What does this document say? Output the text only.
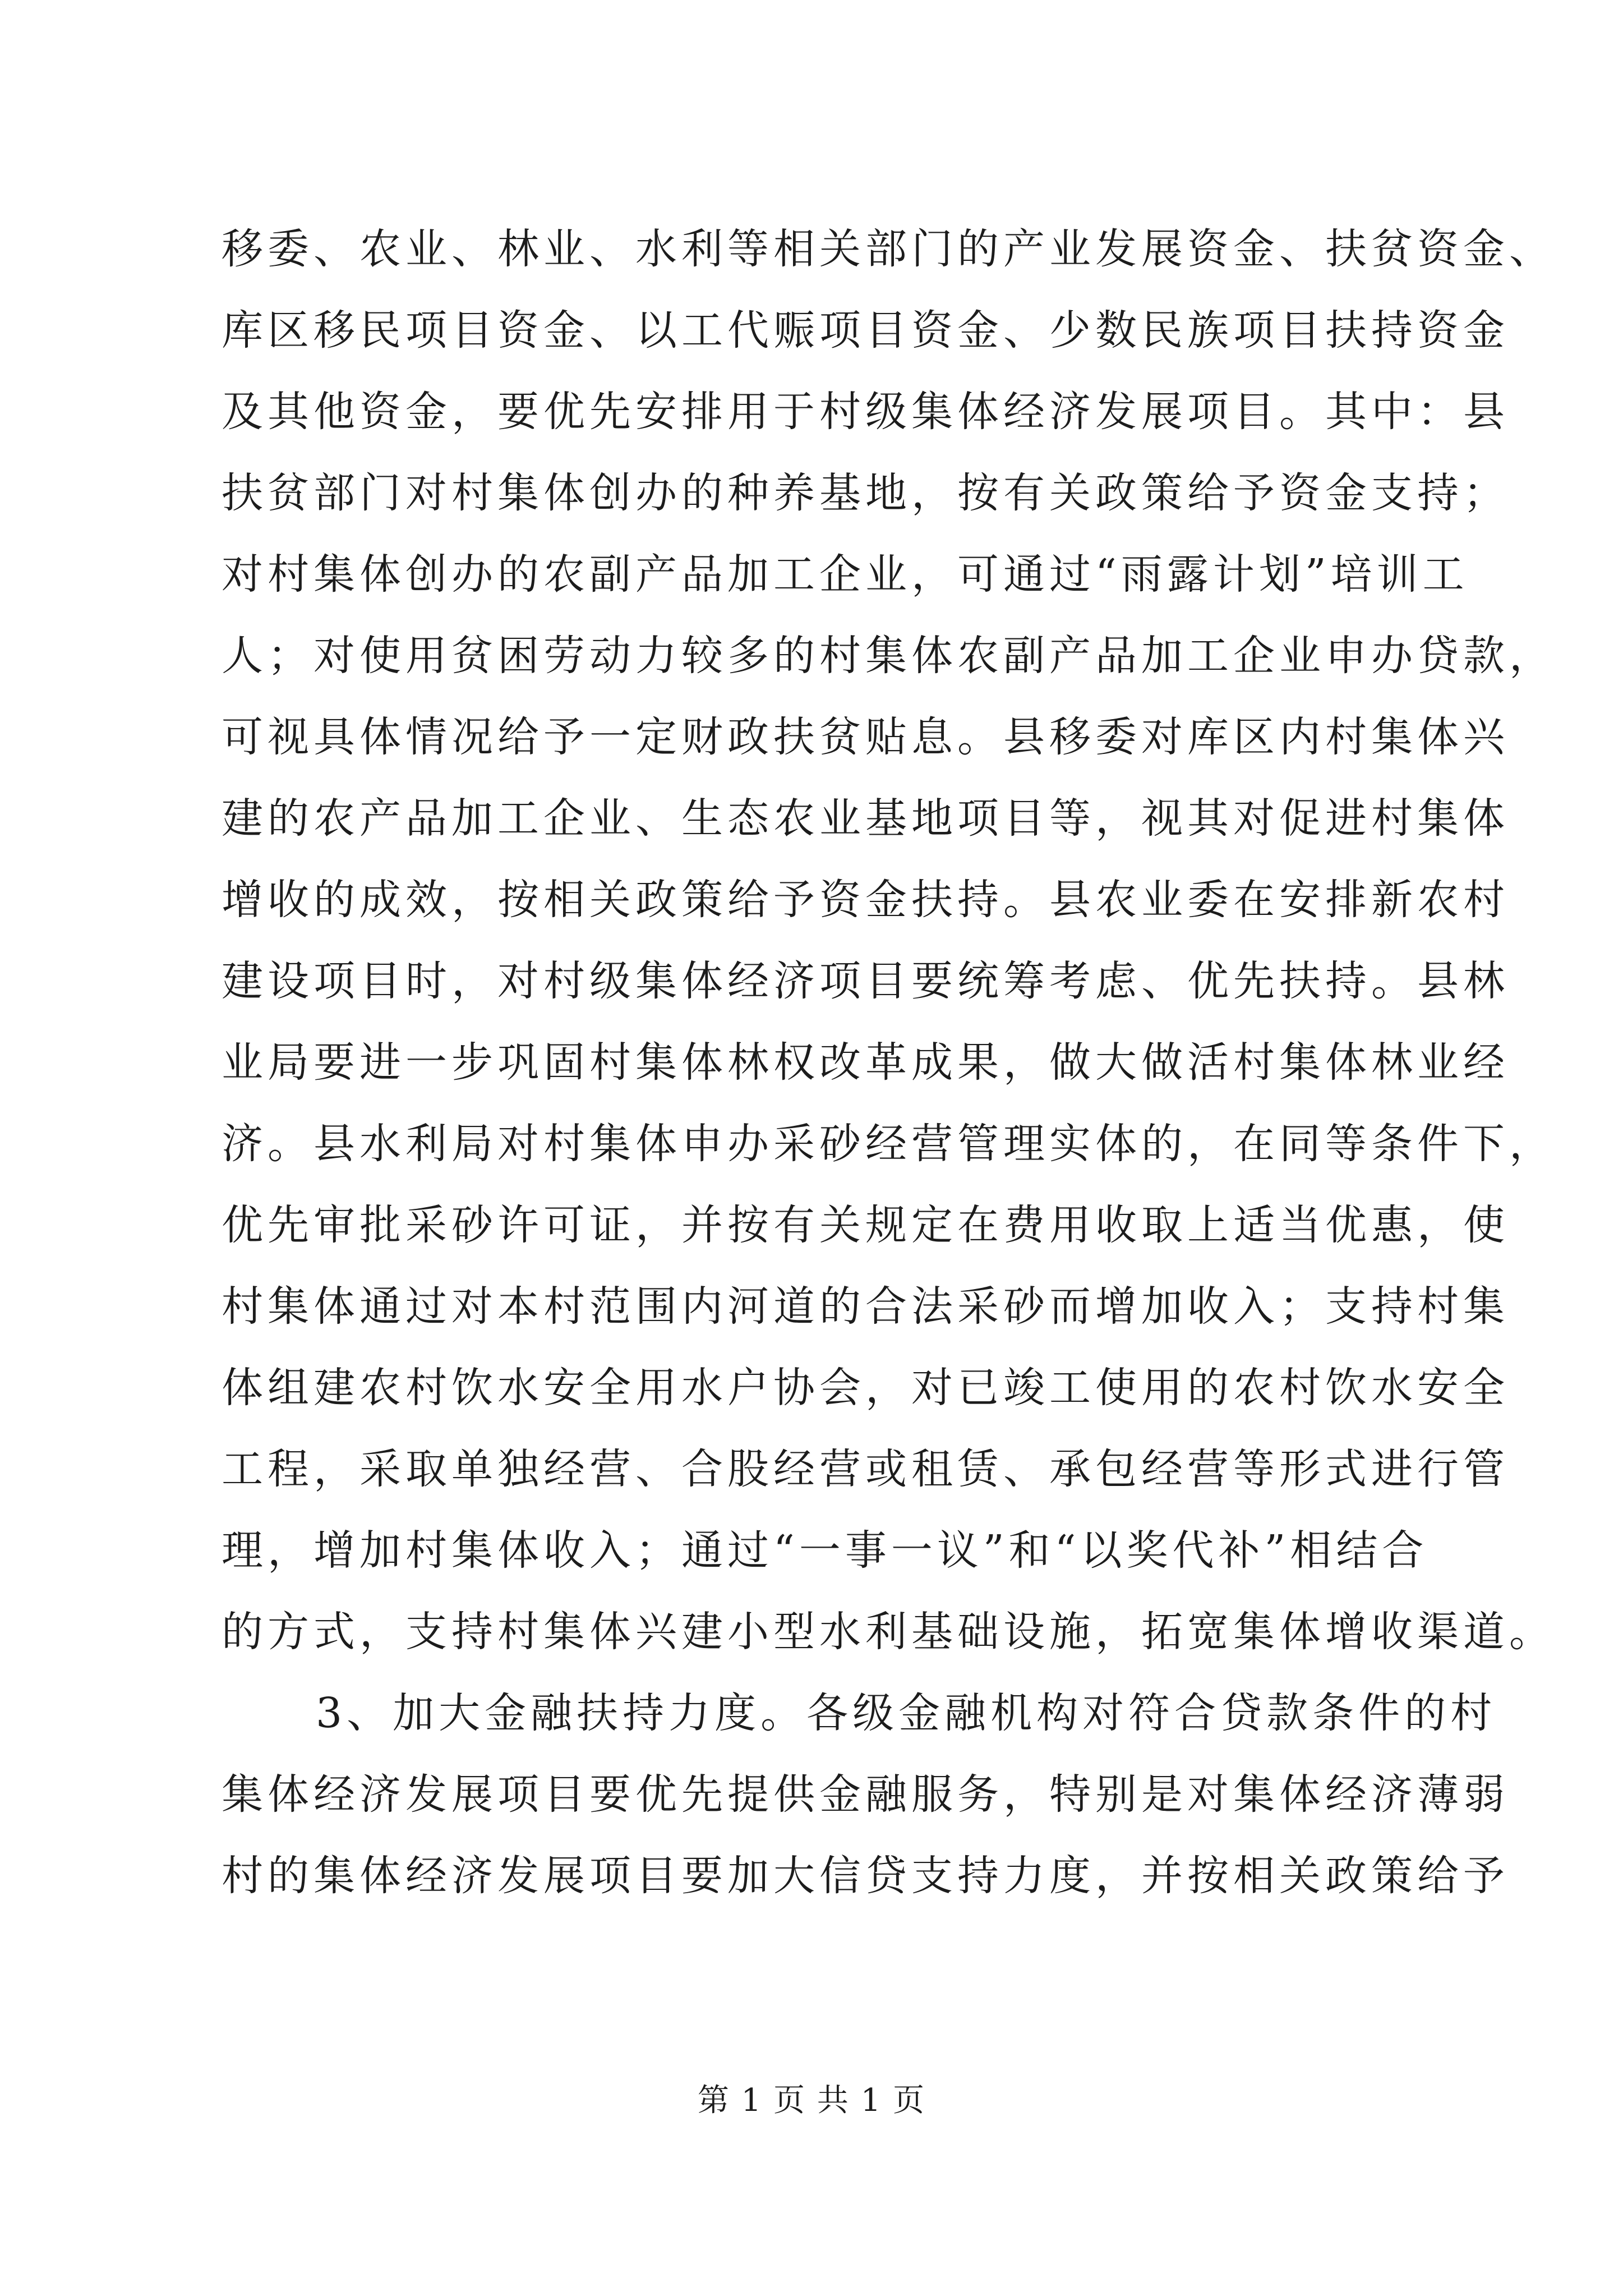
移委、农业、林业、水利等相关部门的产业发展资金、扶贫资金、
库区移民项目资金、以工代赈项目资金、少数民族项目扶持资金
及其他资金，要优先安排用于村级集体经济发展项目。其中：县
扶贫部门对村集体创办的种养基地，按有关政策给予资金支持；
对村集体创办的农副产品加工企业，可通过“雨露计划”培训工
人；对使用贫困劳动力较多的村集体农副产品加工企业申办贷款，
可视具体情况给予一定财政扶贫贴息。县移委对库区内村集体兴
建的农产品加工企业、生态农业基地项目等，视其对促进村集体
增收的成效，按相关政策给予资金扶持。县农业委在安排新农村
建设项目时，对村级集体经济项目要统筹考虑、优先扶持。县林
业局要进一步巩固村集体林权改革成果，做大做活村集体林业经
济。县水利局对村集体申办采砂经营管理实体的，在同等条件下，
优先审批采砂许可证，并按有关规定在费用收取上适当优惠，使
村集体通过对本村范围内河道的合法采砂而增加收入；支持村集
体组建农村饮水安全用水户协会，对已竣工使用的农村饮水安全
工程，采取单独经营、合股经营或租赁、承包经营等形式进行管
理，增加村集体收入；通过“一事一议”和“以奖代补”相结合
的方式，支持村集体兴建小型水利基础设施，拓宽集体增收渠道。
3、加大金融扶持力度。各级金融机构对符合贷款条件的村
集体经济发展项目要优先提供金融服务，特别是对集体经济薄弱
村的集体经济发展项目要加大信贷支持力度，并按相关政策给予
第 1 页 共 1 页
